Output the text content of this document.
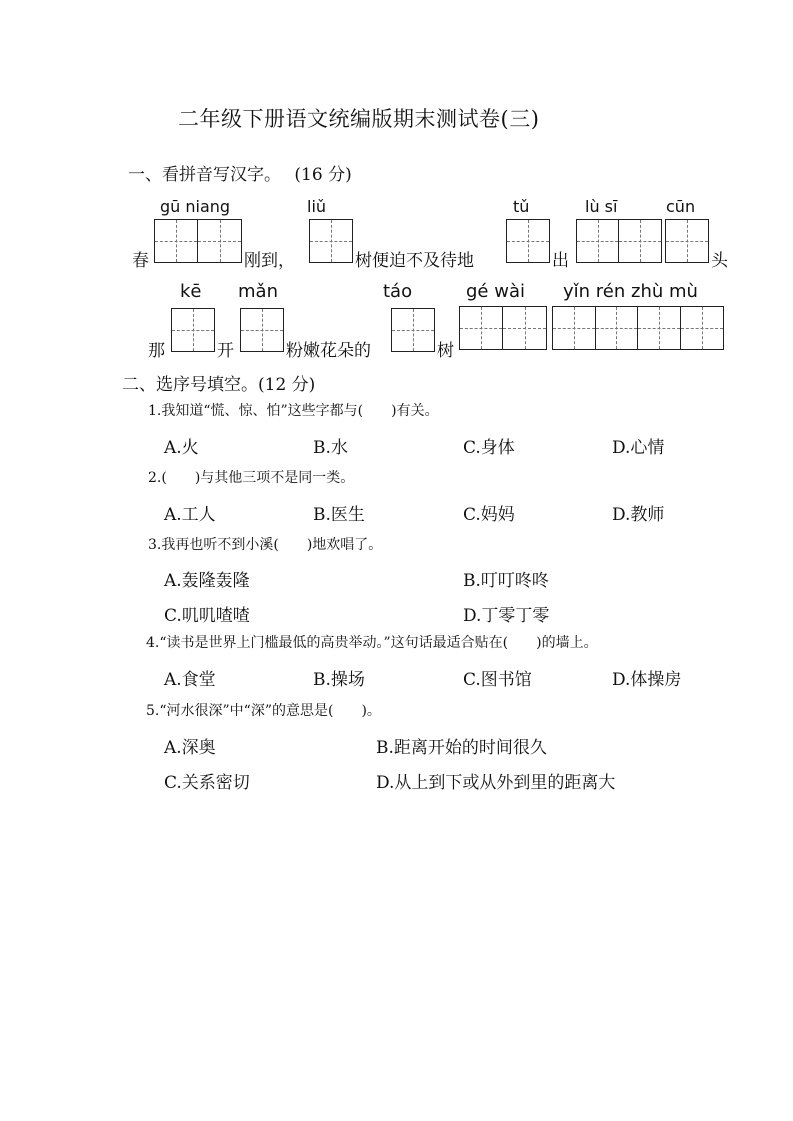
二年级下册语文统编版期末测试卷(三)
一、看拼音写汉字。 (16 分)
gū niang	liǔ	tǔ	lù sī	cūn
春	刚到，	树便迫不及待地	出	头
kē mǎn	táo	gé wài yǐn rén zhù mù
那	开	粉嫩花朵的	树
二、选序号填空。(12 分)
1.我知道“慌、惊、怕”这些字都与(　　)有关。
A.火	B.水	C.身体	D.心情
2.(　　)与其他三项不是同一类。
A.工人	B.医生	C.妈妈	D.教师
3.我再也听不到小溪(　　)地欢唱了。
A.轰隆轰隆	B.叮叮咚咚
C.叽叽喳喳	D.丁零丁零
4.“读书是世界上门槛最低的高贵举动。”这句话最适合贴在(　　)的墙上。
A.食堂	B.操场	C.图书馆	D.体操房
5.“河水很深”中“深”的意思是(　　)。
A.深奥	B.距离开始的时间很久
C.关系密切	D.从上到下或从外到里的距离大
